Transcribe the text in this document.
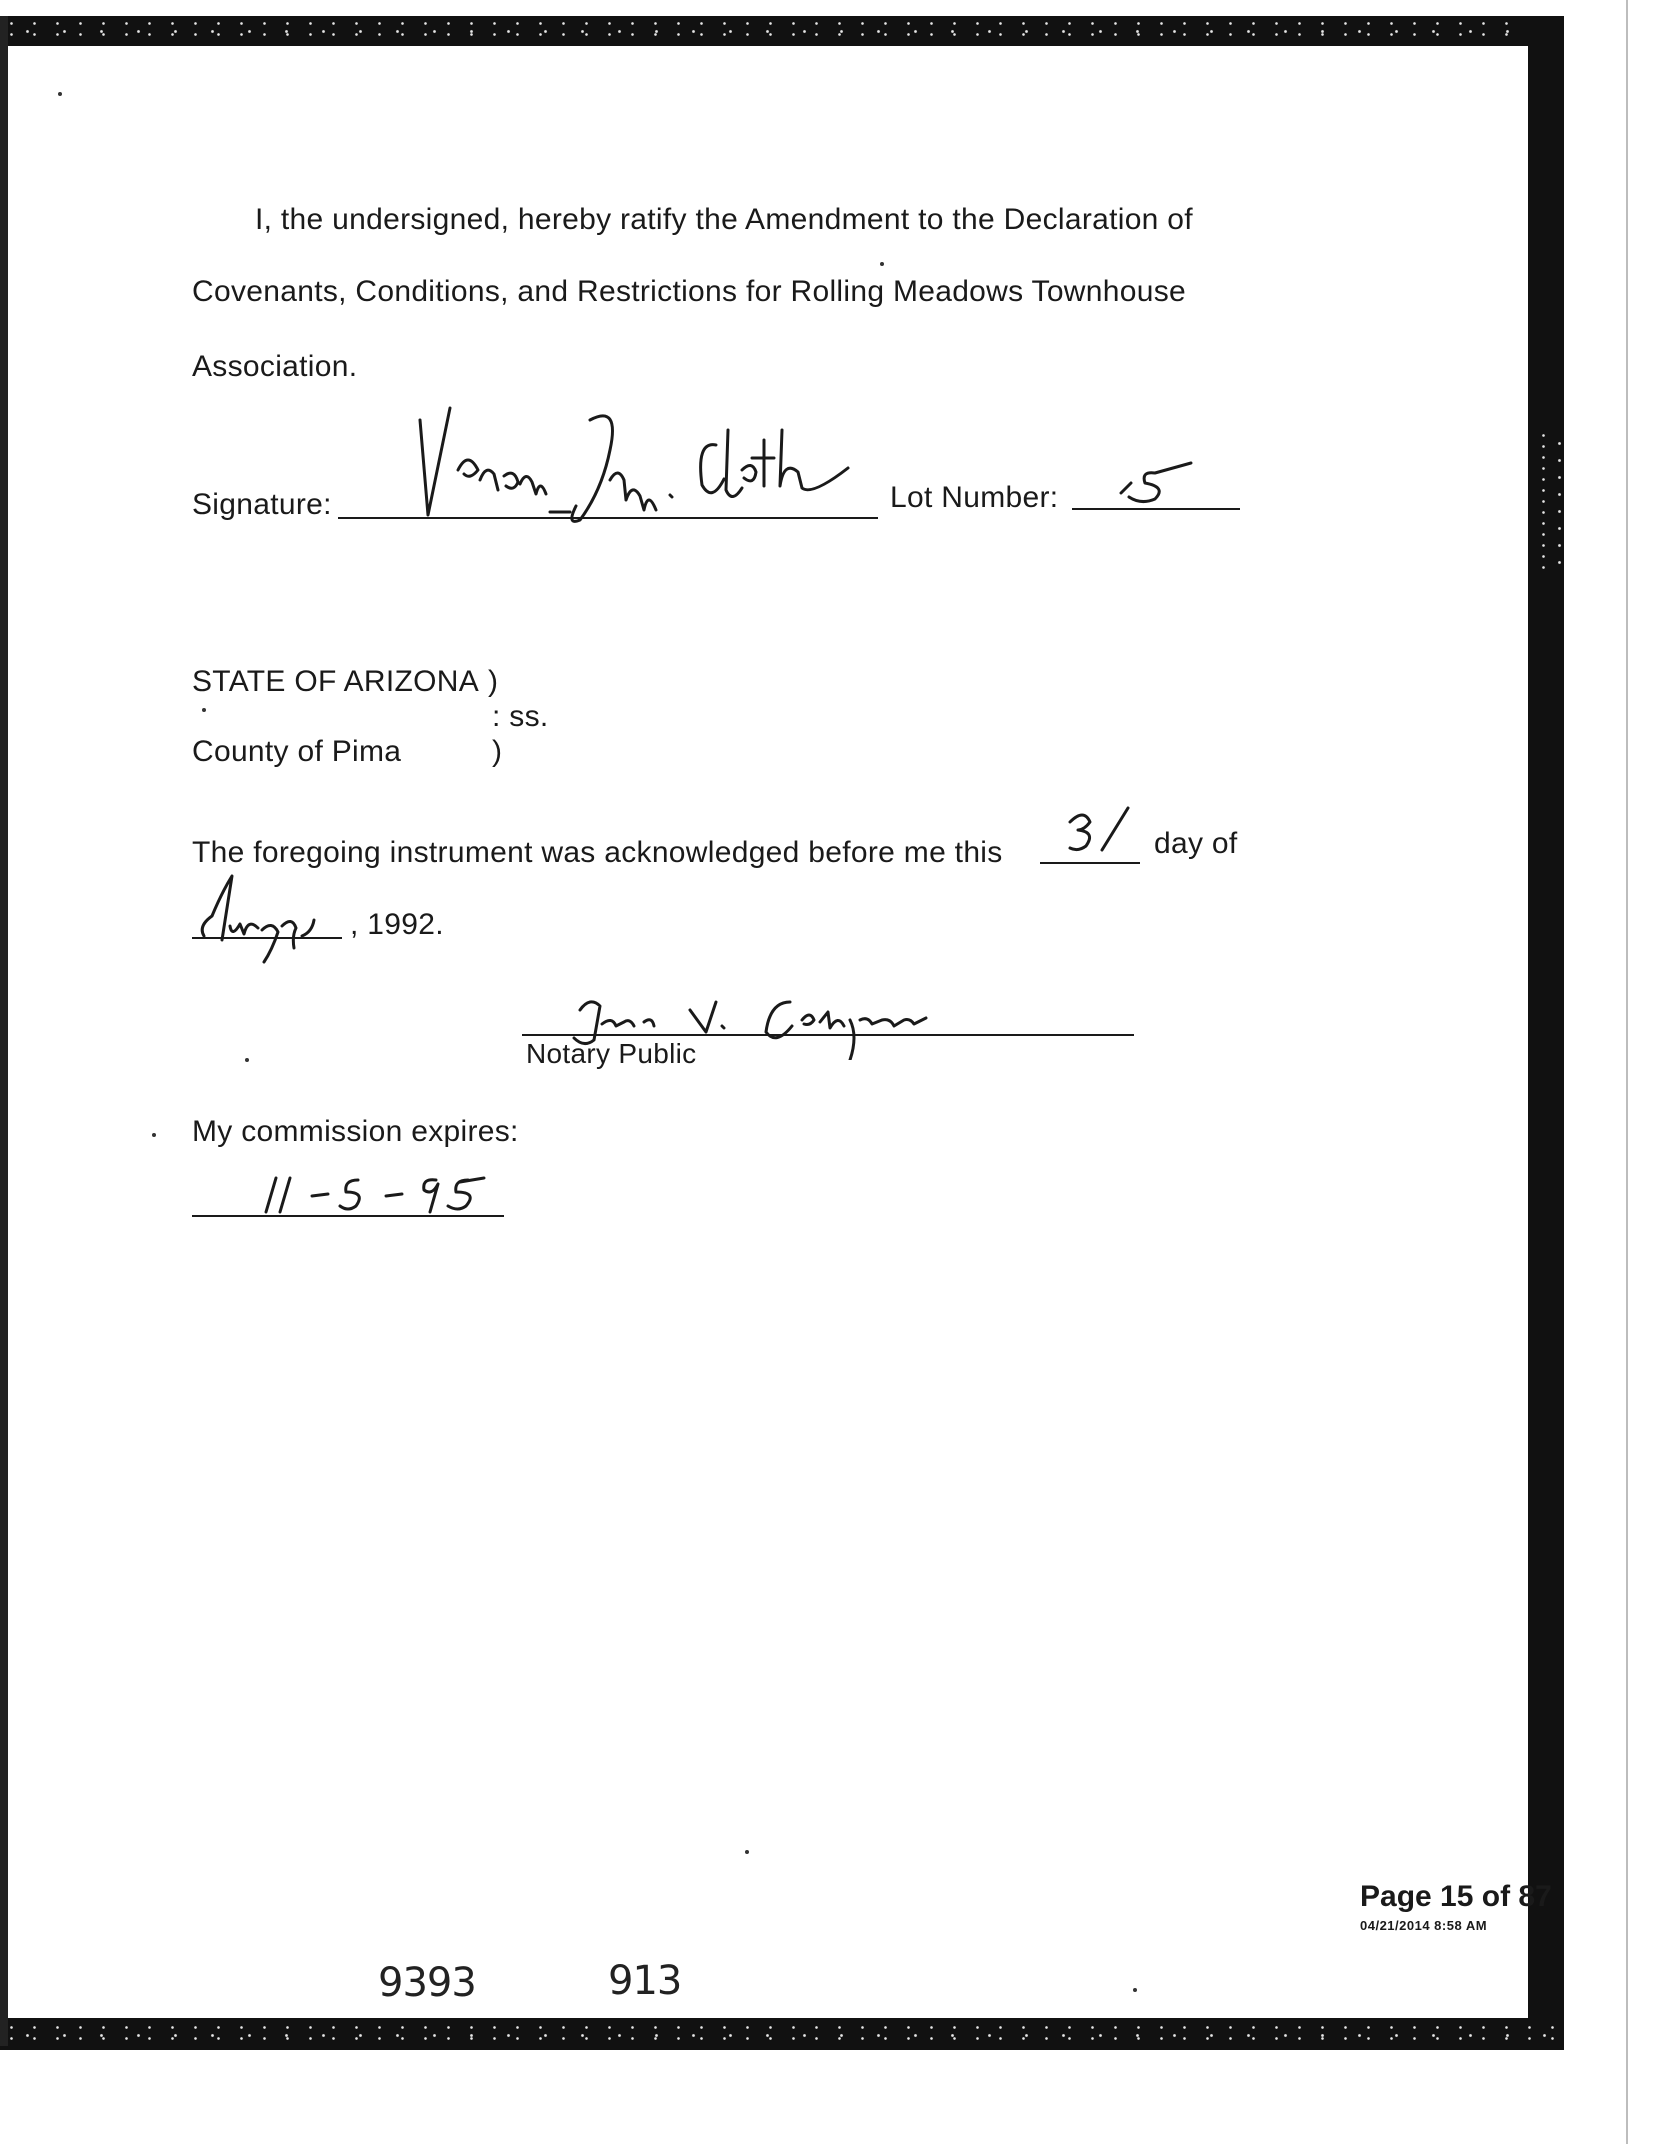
I, the undersigned, hereby ratify the Amendment to the Declaration of
Covenants, Conditions, and Restrictions for Rolling Meadows Townhouse
Association.
Signature:	Lot Number:
STATE OF ARIZONA )
: ss.
County of Pima	)
The foregoing instrument was acknowledged before me this	day of
, 1992.
Notary Public
My commission expires:
Page 15 of 87
04/21/2014 8:58 AM
9393	913
